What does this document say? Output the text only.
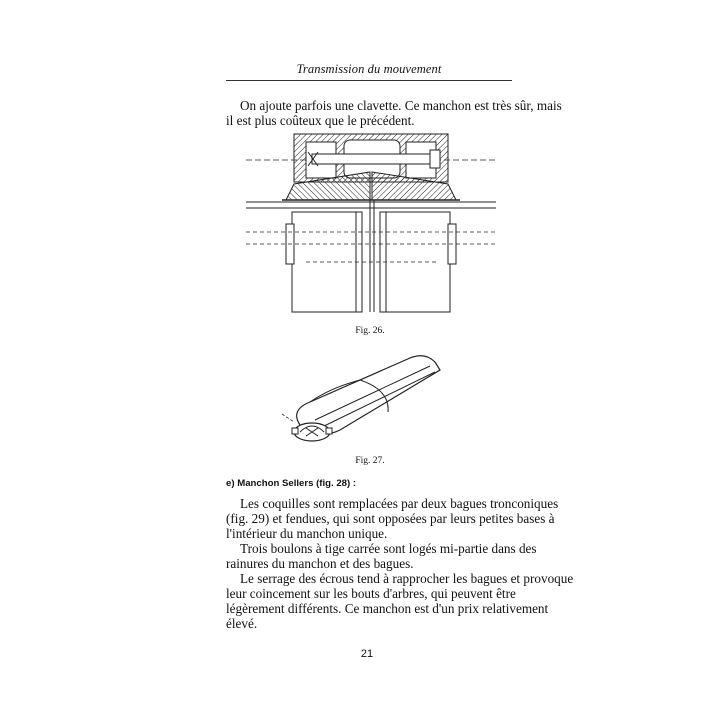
Transmission du mouvement
On ajoute parfois une clavette. Ce manchon est très sûr, mais
il est plus coûteux que le précédent.
Fig. 26.
Fig. 27.
e) Manchon Sellers (fig. 28) :
Les coquilles sont remplacées par deux bagues tronconiques
(fig. 29) et fendues, qui sont opposées par leurs petites bases à
l'intérieur du manchon unique.
Trois boulons à tige carrée sont logés mi-partie dans des
rainures du manchon et des bagues.
Le serrage des écrous tend à rapprocher les bagues et provoque
leur coincement sur les bouts d'arbres, qui peuvent être
légèrement différents. Ce manchon est d'un prix relativement
élevé.
21
